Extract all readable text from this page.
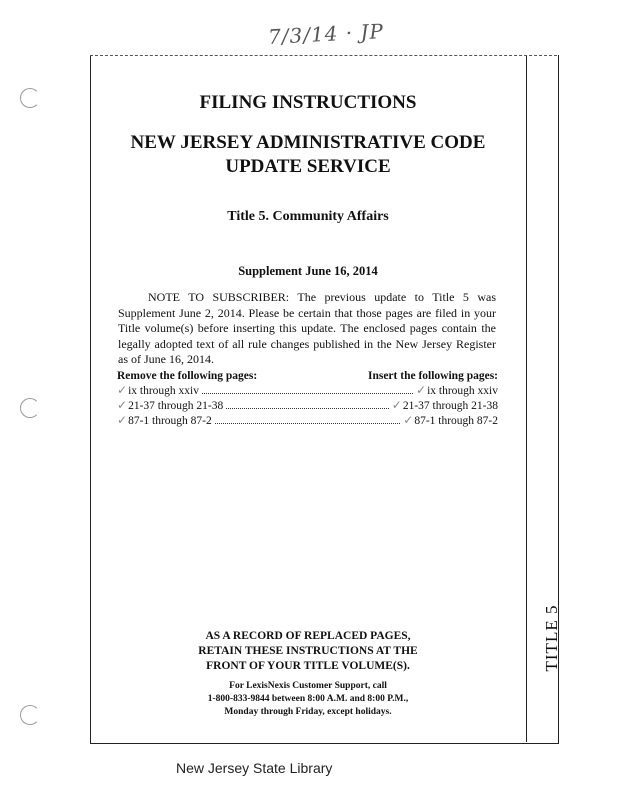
7/3/14 · JP
TITLE 5
FILING INSTRUCTIONS
NEW JERSEY ADMINISTRATIVE CODE
UPDATE SERVICE
Title 5. Community Affairs
Supplement June 16, 2014
NOTE TO SUBSCRIBER: The previous update to Title 5 was Supplement June 2, 2014. Please be certain that those pages are filed in your Title volume(s) before inserting this update. The enclosed pages contain the legally adopted text of all rule changes published in the New Jersey Register as of June 16, 2014.
Remove the following pages:	Insert the following pages:
✓ ix through xxiv	✓ ix through xxiv
✓ 21-37 through 21-38	✓ 21-37 through 21-38
✓ 87-1 through 87-2	✓ 87-1 through 87-2
AS A RECORD OF REPLACED PAGES,
RETAIN THESE INSTRUCTIONS AT THE
FRONT OF YOUR TITLE VOLUME(S).
For LexisNexis Customer Support, call
1-800-833-9844 between 8:00 A.M. and 8:00 P.M.,
Monday through Friday, except holidays.
New Jersey State Library
